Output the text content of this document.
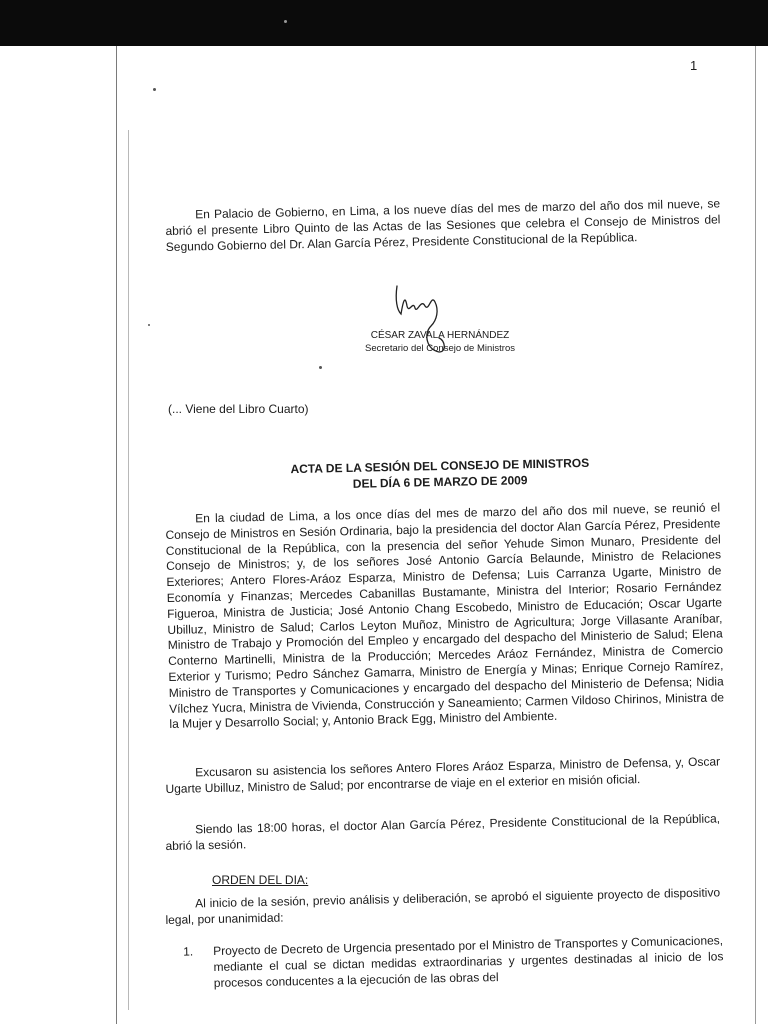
1
En Palacio de Gobierno, en Lima, a los nueve días del mes de marzo del año dos mil nueve, se abrió el presente Libro Quinto de las Actas de las Sesiones que celebra el Consejo de Ministros del Segundo Gobierno del Dr. Alan García Pérez, Presidente Constitucional de la República.
CÉSAR ZAVALA HERNÁNDEZ
Secretario del Consejo de Ministros
(... Viene del Libro Cuarto)
ACTA DE LA SESIÓN DEL CONSEJO DE MINISTROS
DEL DÍA 6 DE MARZO DE 2009
En la ciudad de Lima, a los once días del mes de marzo del año dos mil nueve, se reunió el Consejo de Ministros en Sesión Ordinaria, bajo la presidencia del doctor Alan García Pérez, Presidente Constitucional de la República, con la presencia del señor Yehude Simon Munaro, Presidente del Consejo de Ministros; y, de los señores José Antonio García Belaunde, Ministro de Relaciones Exteriores; Antero Flores-Aráoz Esparza, Ministro de Defensa; Luis Carranza Ugarte, Ministro de Economía y Finanzas; Mercedes Cabanillas Bustamante, Ministra del Interior; Rosario Fernández Figueroa, Ministra de Justicia; José Antonio Chang Escobedo, Ministro de Educación; Oscar Ugarte Ubilluz, Ministro de Salud; Carlos Leyton Muñoz, Ministro de Agricultura; Jorge Villasante Araníbar, Ministro de Trabajo y Promoción del Empleo y encargado del despacho del Ministerio de Salud; Elena Conterno Martinelli, Ministra de la Producción; Mercedes Aráoz Fernández, Ministra de Comercio Exterior y Turismo; Pedro Sánchez Gamarra, Ministro de Energía y Minas; Enrique Cornejo Ramírez, Ministro de Transportes y Comunicaciones y encargado del despacho del Ministerio de Defensa; Nidia Vílchez Yucra, Ministra de Vivienda, Construcción y Saneamiento; Carmen Vildoso Chirinos, Ministra de la Mujer y Desarrollo Social; y, Antonio Brack Egg, Ministro del Ambiente.
Excusaron su asistencia los señores Antero Flores Aráoz Esparza, Ministro de Defensa, y, Oscar Ugarte Ubilluz, Ministro de Salud; por encontrarse de viaje en el exterior en misión oficial.
Siendo las 18:00 horas, el doctor Alan García Pérez, Presidente Constitucional de la República, abrió la sesión.
ORDEN DEL DIA:
Al inicio de la sesión, previo análisis y deliberación, se aprobó el siguiente proyecto de dispositivo legal, por unanimidad:
1. Proyecto de Decreto de Urgencia presentado por el Ministro de Transportes y Comunicaciones, mediante el cual se dictan medidas extraordinarias y urgentes destinadas al inicio de los procesos conducentes a la ejecución de las obras del
